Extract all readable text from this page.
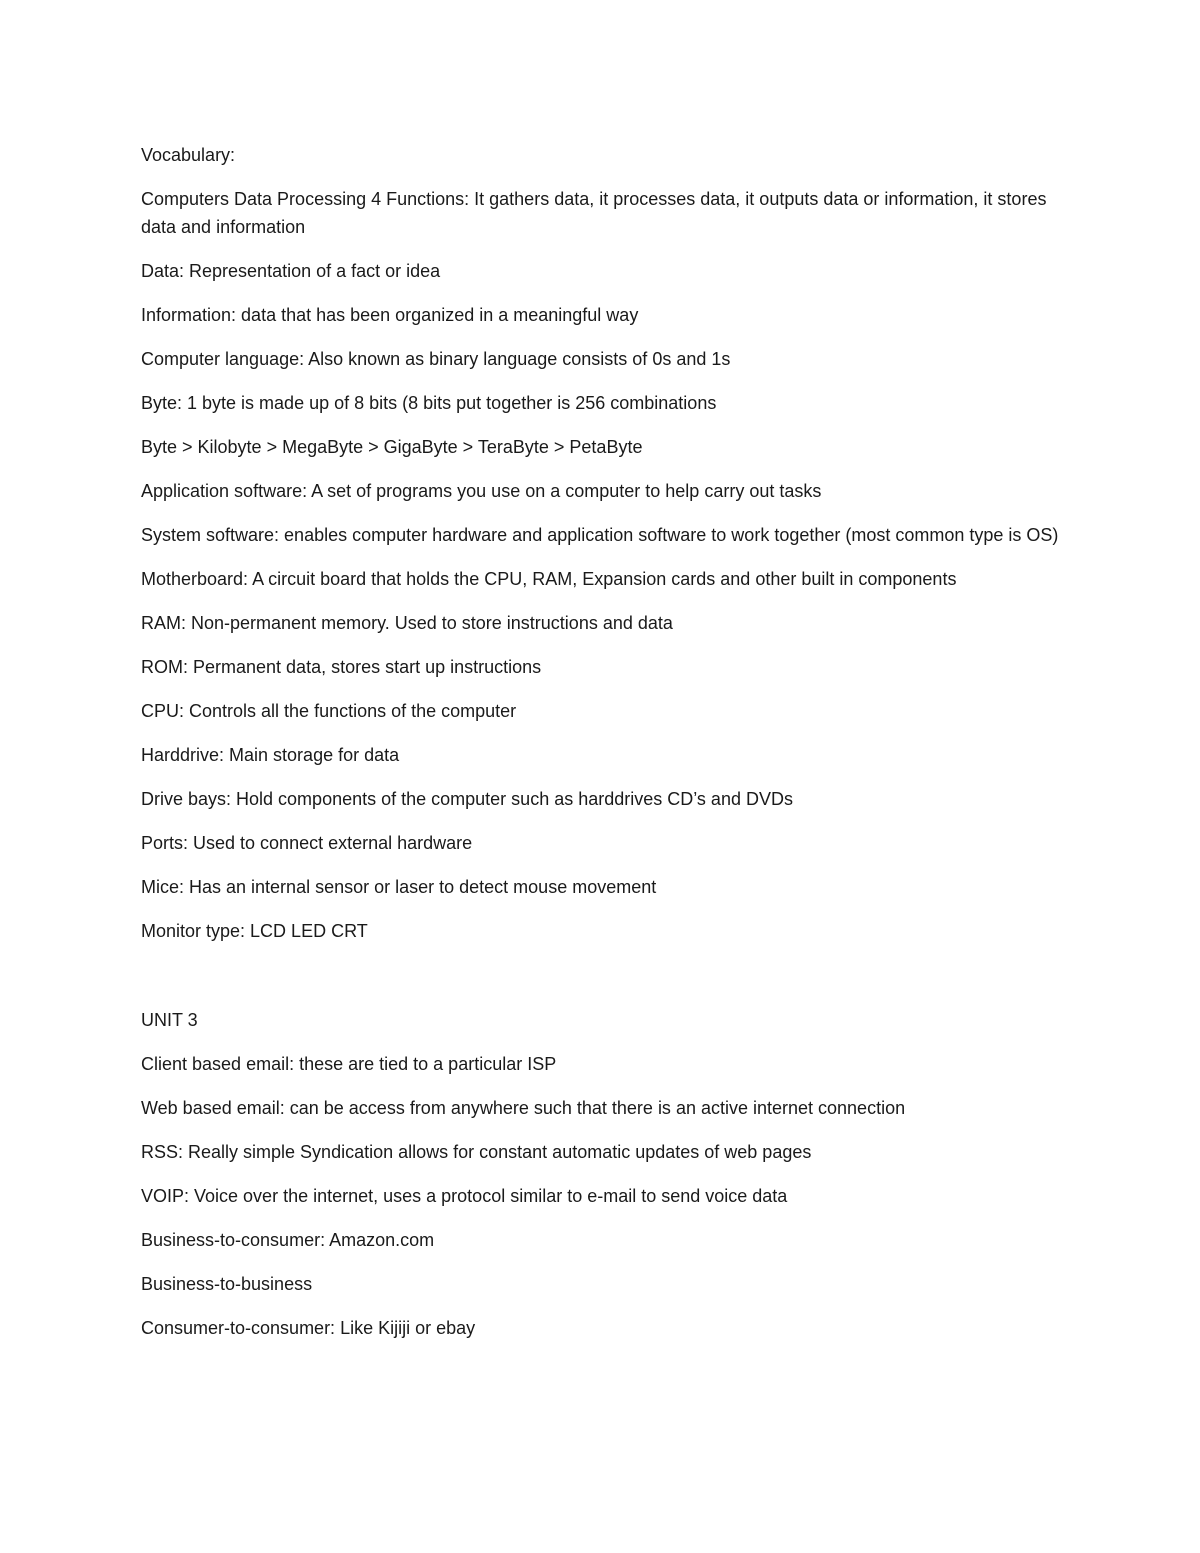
Vocabulary:

Computers Data Processing 4 Functions: It gathers data, it processes data, it outputs data or information, it stores data and information

Data: Representation of a fact or idea

Information: data that has been organized in a meaningful way

Computer language: Also known as binary language consists of 0s and 1s

Byte: 1 byte is made up of 8 bits (8 bits put together is 256 combinations

Byte > Kilobyte > MegaByte > GigaByte > TeraByte > PetaByte

Application software: A set of programs you use on a computer to help carry out tasks

System software: enables computer hardware and application software to work together (most common type is OS)

Motherboard: A circuit board that holds the CPU, RAM, Expansion cards and other built in components

RAM: Non-permanent memory. Used to store instructions and data

ROM: Permanent data, stores start up instructions

CPU: Controls all the functions of the computer

Harddrive: Main storage for data

Drive bays: Hold components of the computer such as harddrives CD’s and DVDs

Ports: Used to connect external hardware

Mice: Has an internal sensor or laser to detect mouse movement

Monitor type: LCD LED CRT

UNIT 3

Client based email: these are tied to a particular ISP

Web based email: can be access from anywhere such that there is an active internet connection

RSS: Really simple Syndication allows for constant automatic updates of web pages

VOIP: Voice over the internet, uses a protocol similar to e-mail to send voice data

Business-to-consumer: Amazon.com

Business-to-business

Consumer-to-consumer: Like Kijiji or ebay
